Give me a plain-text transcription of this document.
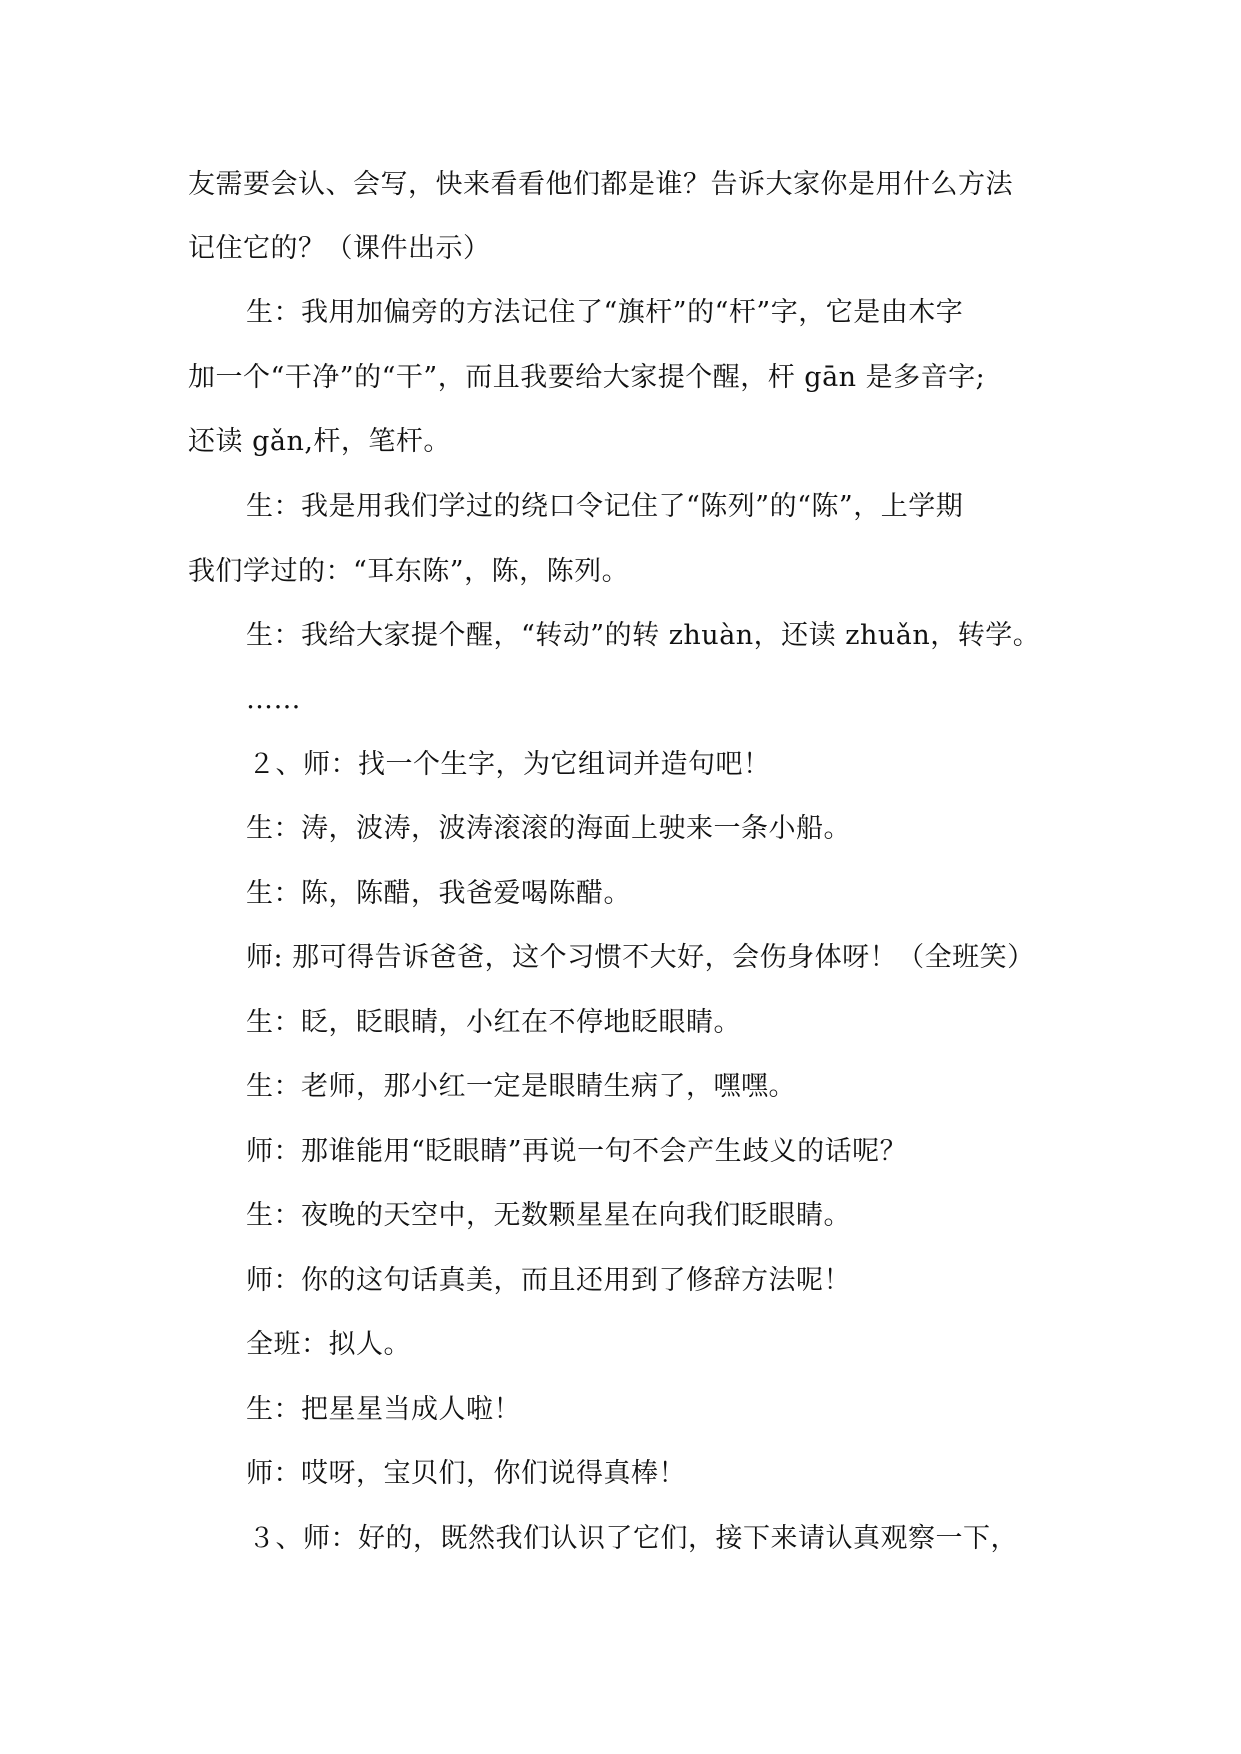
友需要会认、会写，快来看看他们都是谁？告诉大家你是用什么方法
记住它的？（课件出示）
生：我用加偏旁的方法记住了“旗杆”的“杆”字，它是由木字
加一个“干净”的“干”，而且我要给大家提个醒，杆 gān 是多音字;
还读 gǎn,杆，笔杆。
生：我是用我们学过的绕口令记住了“陈列”的“陈”，上学期
我们学过的：“耳东陈”，陈，陈列。
生：我给大家提个醒，“转动”的转 zhuàn，还读 zhuǎn，转学。
……
２、师：找一个生字，为它组词并造句吧！
生：涛，波涛，波涛滚滚的海面上驶来一条小船。
生：陈，陈醋，我爸爱喝陈醋。
师: 那可得告诉爸爸，这个习惯不大好，会伤身体呀！（全班笑）
生：眨，眨眼睛，小红在不停地眨眼睛。
生：老师，那小红一定是眼睛生病了，嘿嘿。
师：那谁能用“眨眼睛”再说一句不会产生歧义的话呢？
生：夜晚的天空中，无数颗星星在向我们眨眼睛。
师：你的这句话真美，而且还用到了修辞方法呢！
全班：拟人。
生：把星星当成人啦！
师：哎呀，宝贝们，你们说得真棒！
３、师：好的，既然我们认识了它们，接下来请认真观察一下，
